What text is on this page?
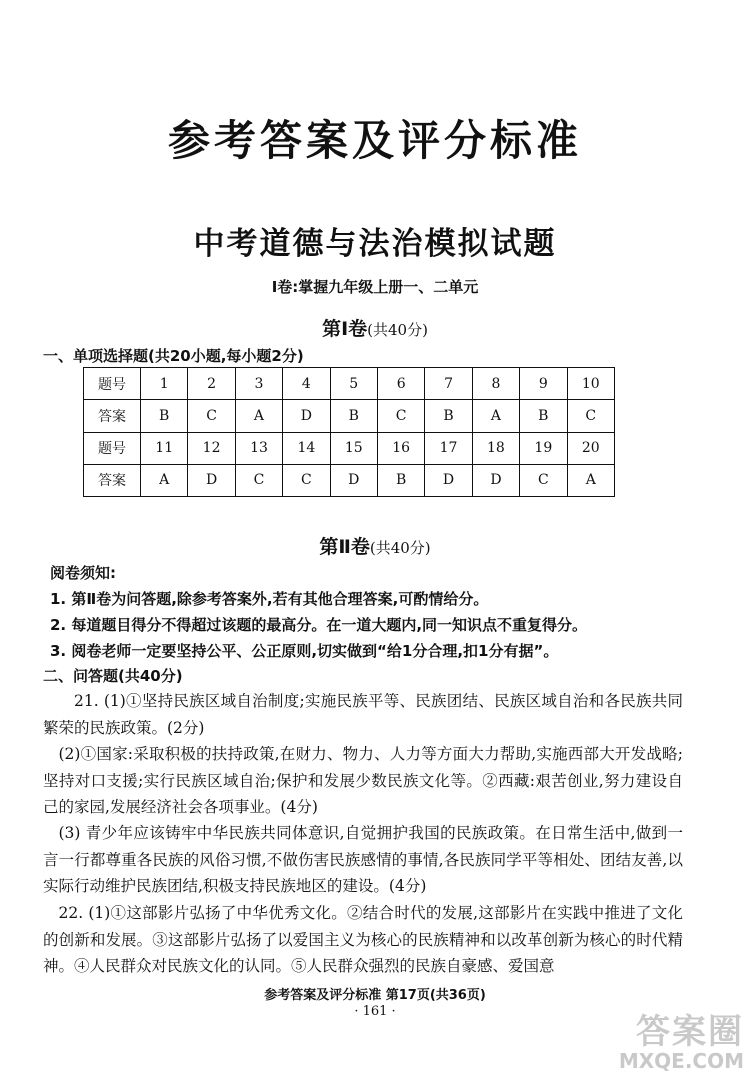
参考答案及评分标准
中考道德与法治模拟试题
Ⅰ卷:掌握九年级上册一、二单元
第Ⅰ卷(共40分)
一、单项选择题(共20小题,每小题2分)
题号	1	2	3	4	5	6	7	8	9	10
答案	B	C	A	D	B	C	B	A	B	C
题号	11	12	13	14	15	16	17	18	19	20
答案	A	D	C	C	D	B	D	D	C	A
第Ⅱ卷(共40分)
阅卷须知:
1. 第Ⅱ卷为问答题,除参考答案外,若有其他合理答案,可酌情给分。
2. 每道题目得分不得超过该题的最高分。在一道大题内,同一知识点不重复得分。
3. 阅卷老师一定要坚持公平、公正原则,切实做到“给1分合理,扣1分有据”。
二、问答题(共40分)
21. (1)①坚持民族区域自治制度;实施民族平等、民族团结、民族区域自治和各民族共同繁荣的民族政策。(2分)
(2)①国家:采取积极的扶持政策,在财力、物力、人力等方面大力帮助,实施西部大开发战略;坚持对口支援;实行民族区域自治;保护和发展少数民族文化等。②西藏:艰苦创业,努力建设自己的家园,发展经济社会各项事业。(4分)
(3) 青少年应该铸牢中华民族共同体意识,自觉拥护我国的民族政策。在日常生活中,做到一言一行都尊重各民族的风俗习惯,不做伤害民族感情的事情,各民族同学平等相处、团结友善,以实际行动维护民族团结,积极支持民族地区的建设。(4分)
22. (1)①这部影片弘扬了中华优秀文化。②结合时代的发展,这部影片在实践中推进了文化的创新和发展。③这部影片弘扬了以爱国主义为核心的民族精神和以改革创新为核心的时代精神。④人民群众对民族文化的认同。⑤人民群众强烈的民族自豪感、爱国意
参考答案及评分标准 第17页(共36页)
· 161 ·
答案圈
MXQE.COM
